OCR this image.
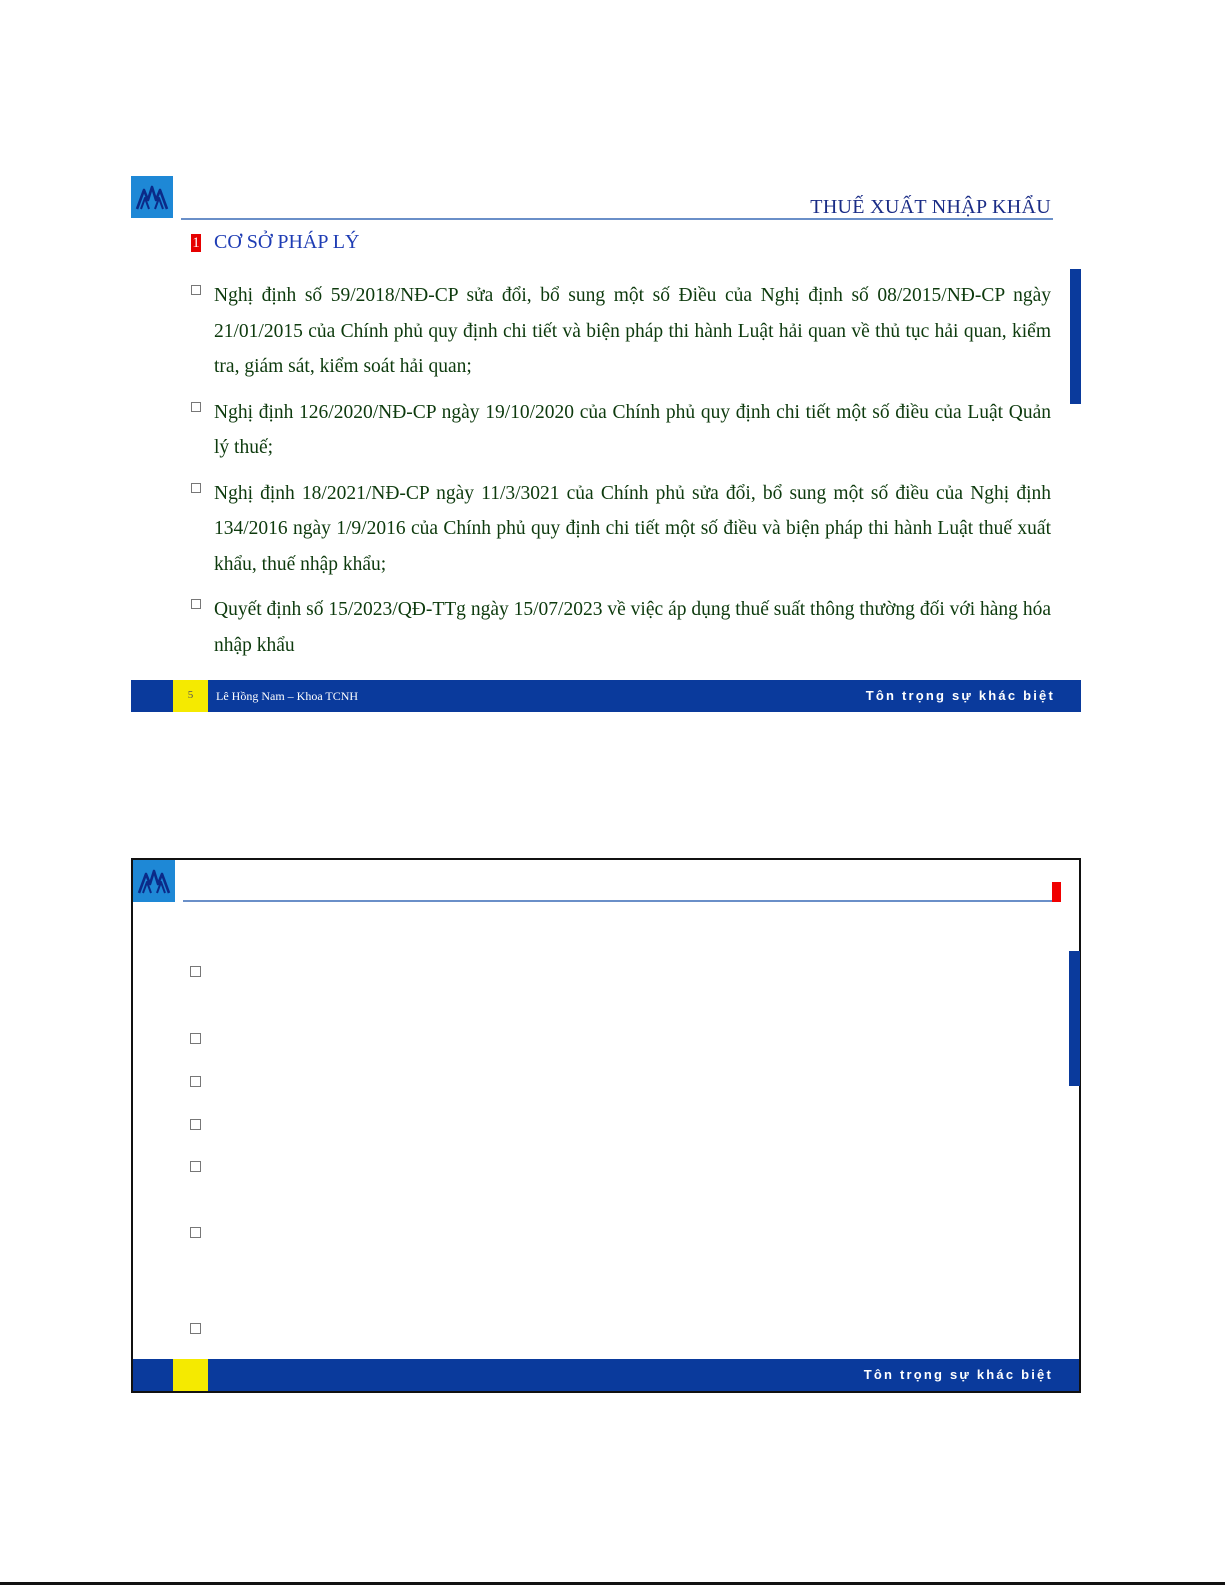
THUẾ XUẤT NHẬP KHẨU
1 CƠ SỞ PHÁP LÝ
Nghị định số 59/2018/NĐ-CP sửa đổi, bổ sung một số Điều của Nghị định số 08/2015/NĐ-CP ngày 21/01/2015 của Chính phủ quy định chi tiết và biện pháp thi hành Luật hải quan về thủ tục hải quan, kiểm tra, giám sát, kiểm soát hải quan;
Nghị định 126/2020/NĐ-CP ngày 19/10/2020 của Chính phủ quy định chi tiết một số điều của Luật Quản lý thuế;
Nghị định 18/2021/NĐ-CP ngày 11/3/3021 của Chính phủ sửa đổi, bổ sung một số điều của Nghị định 134/2016 ngày 1/9/2016 của Chính phủ quy định chi tiết một số điều và biện pháp thi hành Luật thuế xuất khẩu, thuế nhập khẩu;
Quyết định số 15/2023/QĐ-TTg ngày 15/07/2023 về việc áp dụng thuế suất thông thường đối với hàng hóa nhập khẩu
5	Lê Hồng Nam – Khoa TCNH	Tôn trọng sự khác biệt
Tôn trọng sự khác biệt
